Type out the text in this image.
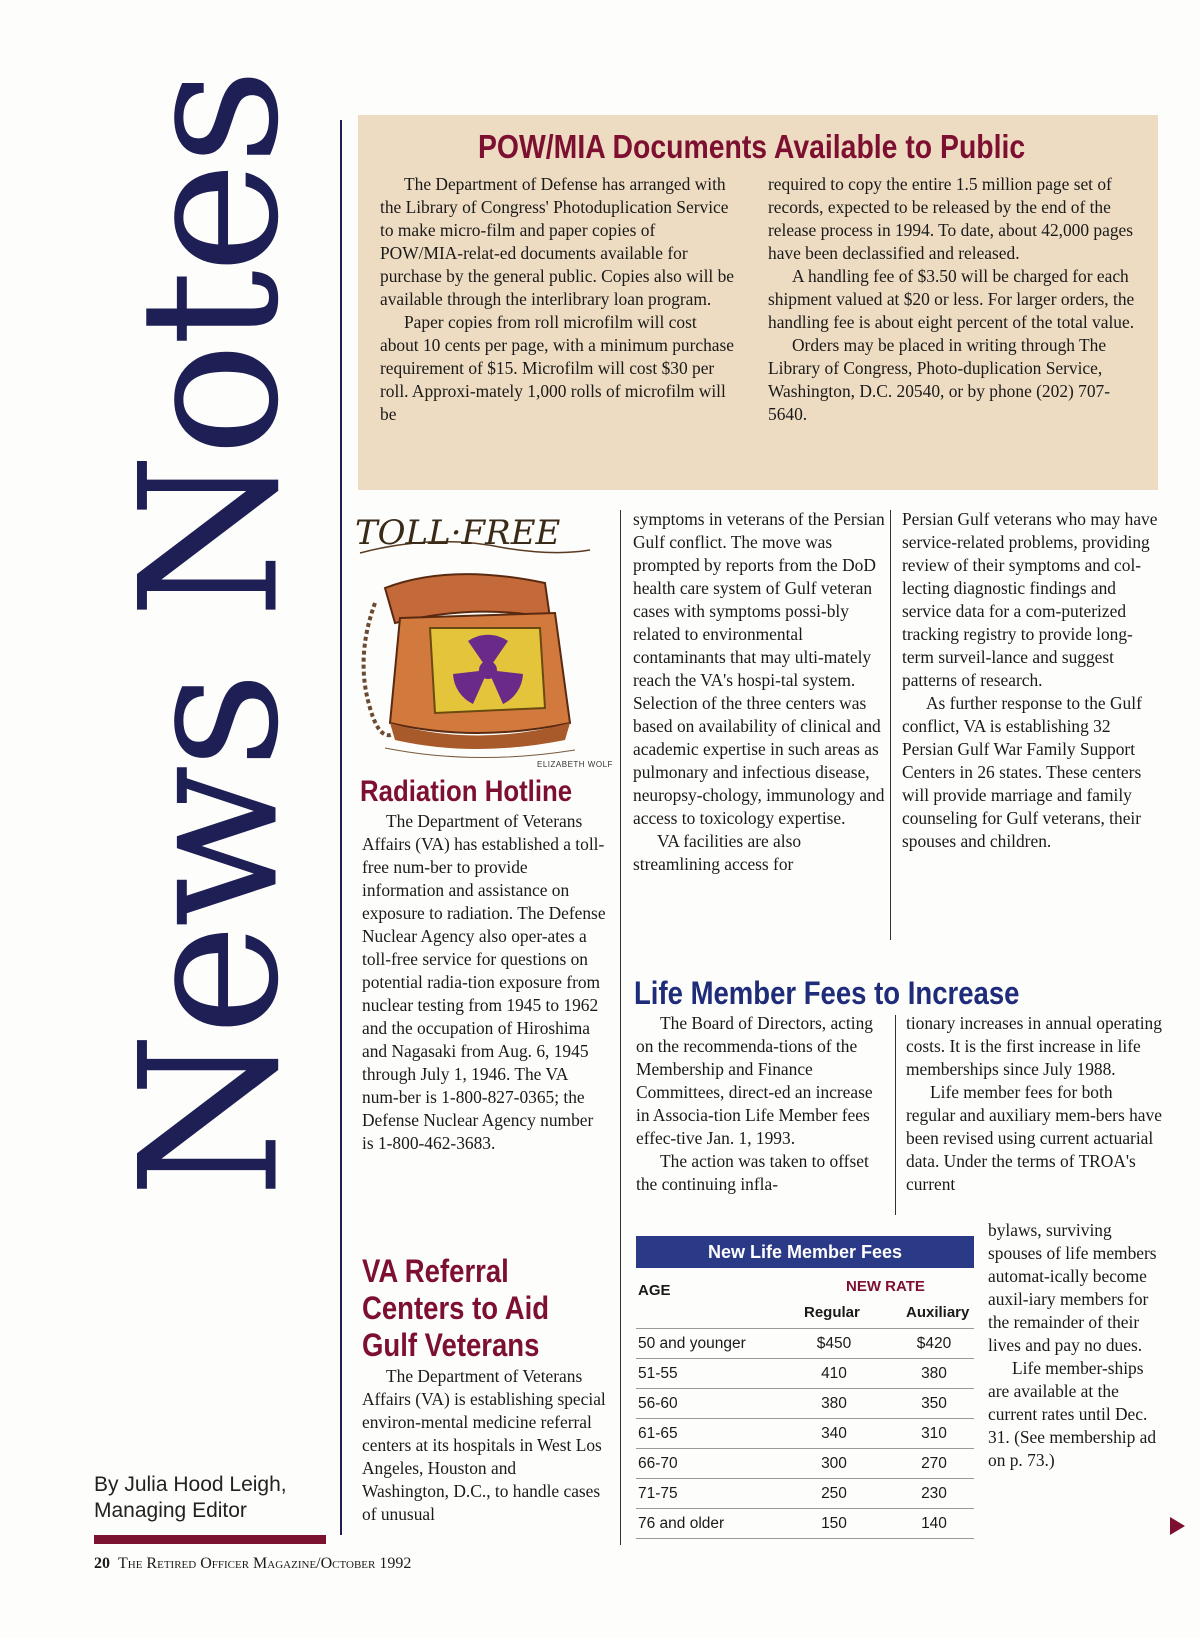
News Notes
By Julia Hood Leigh,
Managing Editor
POW/MIA Documents Available to Public

The Department of Defense has arranged with the Library of Congress' Photoduplication Service to make micro-film and paper copies of POW/MIA-relat-ed documents available for purchase by the general public. Copies also will be available through the interlibrary loan program.

Paper copies from roll microfilm will cost about 10 cents per page, with a minimum purchase requirement of $15. Microfilm will cost $30 per roll. Approxi-mately 1,000 rolls of microfilm will be

required to copy the entire 1.5 million page set of records, expected to be released by the end of the release process in 1994. To date, about 42,000 pages have been declassified and released.

A handling fee of $3.50 will be charged for each shipment valued at $20 or less. For larger orders, the handling fee is about eight percent of the total value.

Orders may be placed in writing through The Library of Congress, Photo-duplication Service, Washington, D.C. 20540, or by phone (202) 707-5640.

TOLL·FREE
ELIZABETH WOLF
Radiation Hotline

The Department of Veterans Affairs (VA) has established a toll-free num-ber to provide information and assistance on exposure to radiation. The Defense Nuclear Agency also oper-ates a toll-free service for questions on potential radia-tion exposure from nuclear testing from 1945 to 1962 and the occupation of Hiroshima and Nagasaki from Aug. 6, 1945 through July 1, 1946. The VA num-ber is 1-800-827-0365; the Defense Nuclear Agency number is 1-800-462-3683.

VA Referral
Centers to Aid
Gulf Veterans

The Department of Veterans Affairs (VA) is establishing special environ-mental medicine referral centers at its hospitals in West Los Angeles, Houston and Washington, D.C., to handle cases of unusual

symptoms in veterans of the Persian Gulf conflict. The move was prompted by reports from the DoD health care system of Gulf veteran cases with symptoms possi-bly related to environmental contaminants that may ulti-mately reach the VA's hospi-tal system. Selection of the three centers was based on availability of clinical and academic expertise in such areas as pulmonary and infectious disease, neuropsy-chology, immunology and access to toxicology expertise.

VA facilities are also streamlining access for

Persian Gulf veterans who may have service-related problems, providing review of their symptoms and col-lecting diagnostic findings and service data for a com-puterized tracking registry to provide long-term surveil-lance and suggest patterns of research.

As further response to the Gulf conflict, VA is establishing 32 Persian Gulf War Family Support Centers in 26 states. These centers will provide marriage and family counseling for Gulf veterans, their spouses and children.

Life Member Fees to Increase

The Board of Directors, acting on the recommenda-tions of the Membership and Finance Committees, direct-ed an increase in Associa-tion Life Member fees effec-tive Jan. 1, 1993.

The action was taken to offset the continuing infla-

tionary increases in annual operating costs. It is the first increase in life memberships since July 1988.

Life member fees for both regular and auxiliary mem-bers have been revised using current actuarial data. Under the terms of TROA's current

bylaws, surviving spouses of life members automat-ically become auxil-iary members for the remainder of their lives and pay no dues.

Life member-ships are available at the current rates until Dec. 31. (See membership ad on p. 73.)

New Life Member Fees
AGE	NEW RATE
Regular	Auxiliary
50 and younger	$450	$420
51-55	410	380
56-60	380	350
61-65	340	310
66-70	300	270
71-75	250	230
76 and older	150	140
20 The Retired Officer Magazine/October 1992
